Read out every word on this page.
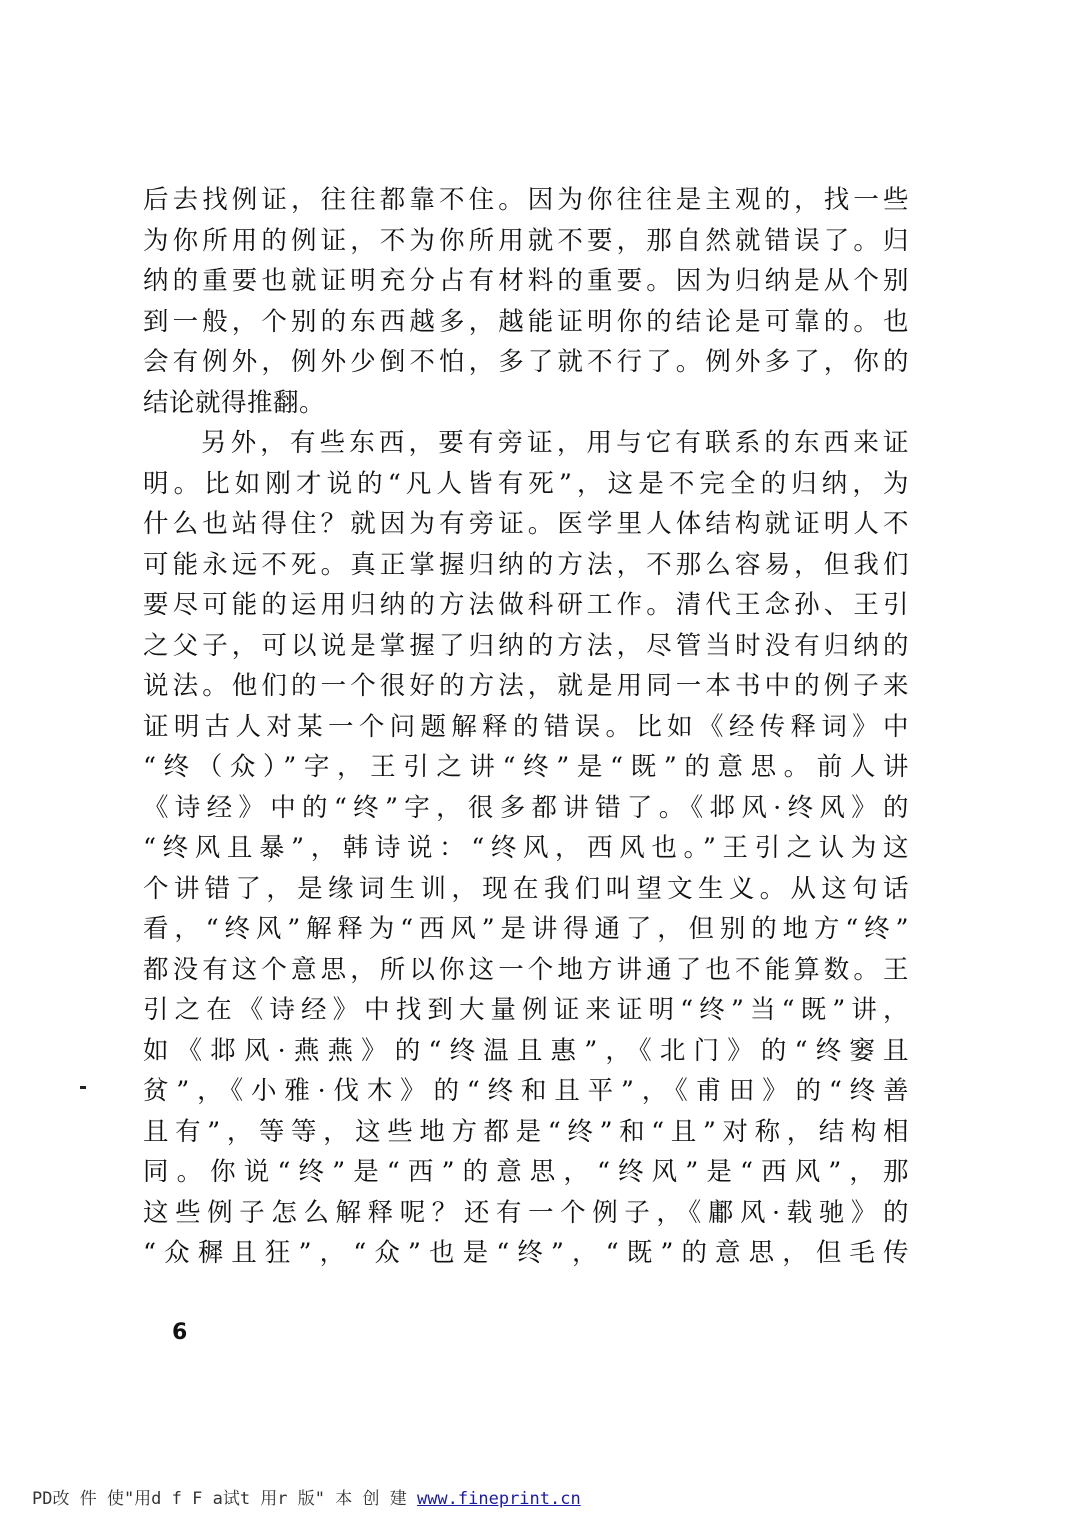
后去找例证，往往都靠不住。因为你往往是主观的，找一些
为你所用的例证，不为你所用就不要，那自然就错误了。归
纳的重要也就证明充分占有材料的重要。因为归纳是从个别
到一般，个别的东西越多，越能证明你的结论是可靠的。也
会有例外，例外少倒不怕，多了就不行了。例外多了，你的
结论就得推翻。
另外，有些东西，要有旁证，用与它有联系的东西来证
明。比如刚才说的“凡人皆有死”，这是不完全的归纳，为
什么也站得住？就因为有旁证。医学里人体结构就证明人不
可能永远不死。真正掌握归纳的方法，不那么容易，但我们
要尽可能的运用归纳的方法做科研工作。清代王念孙、王引
之父子，可以说是掌握了归纳的方法，尽管当时没有归纳的
说法。他们的一个很好的方法，就是用同一本书中的例子来
证明古人对某一个问题解释的错误。比如《经传释词》中
“终（众）”字，王引之讲“终”是“既”的意思。前人讲
《诗经》中的“终”字，很多都讲错了。《邶风·终风》的
“终风且暴”，韩诗说：“终风，西风也。”王引之认为这
个讲错了，是缘词生训，现在我们叫望文生义。从这句话
看，“终风”解释为“西风”是讲得通了，但别的地方“终”
都没有这个意思，所以你这一个地方讲通了也不能算数。王
引之在《诗经》中找到大量例证来证明“终”当“既”讲，
如《邶风·燕燕》的“终温且惠”，《北门》的“终窭且
贫”，《小雅·伐木》的“终和且平”，《甫田》的“终善
且有”，等等，这些地方都是“终”和“且”对称，结构相
同。你说“终”是“西”的意思，“终风”是“西风”，那
这些例子怎么解释呢？还有一个例子，《鄘风·载驰》的
“众穉且狂”，“众”也是“终”，“既”的意思，但毛传
6
PD改 件 使"用d f F a试t 用r 版" 本 创 建 www.fineprint.cn
